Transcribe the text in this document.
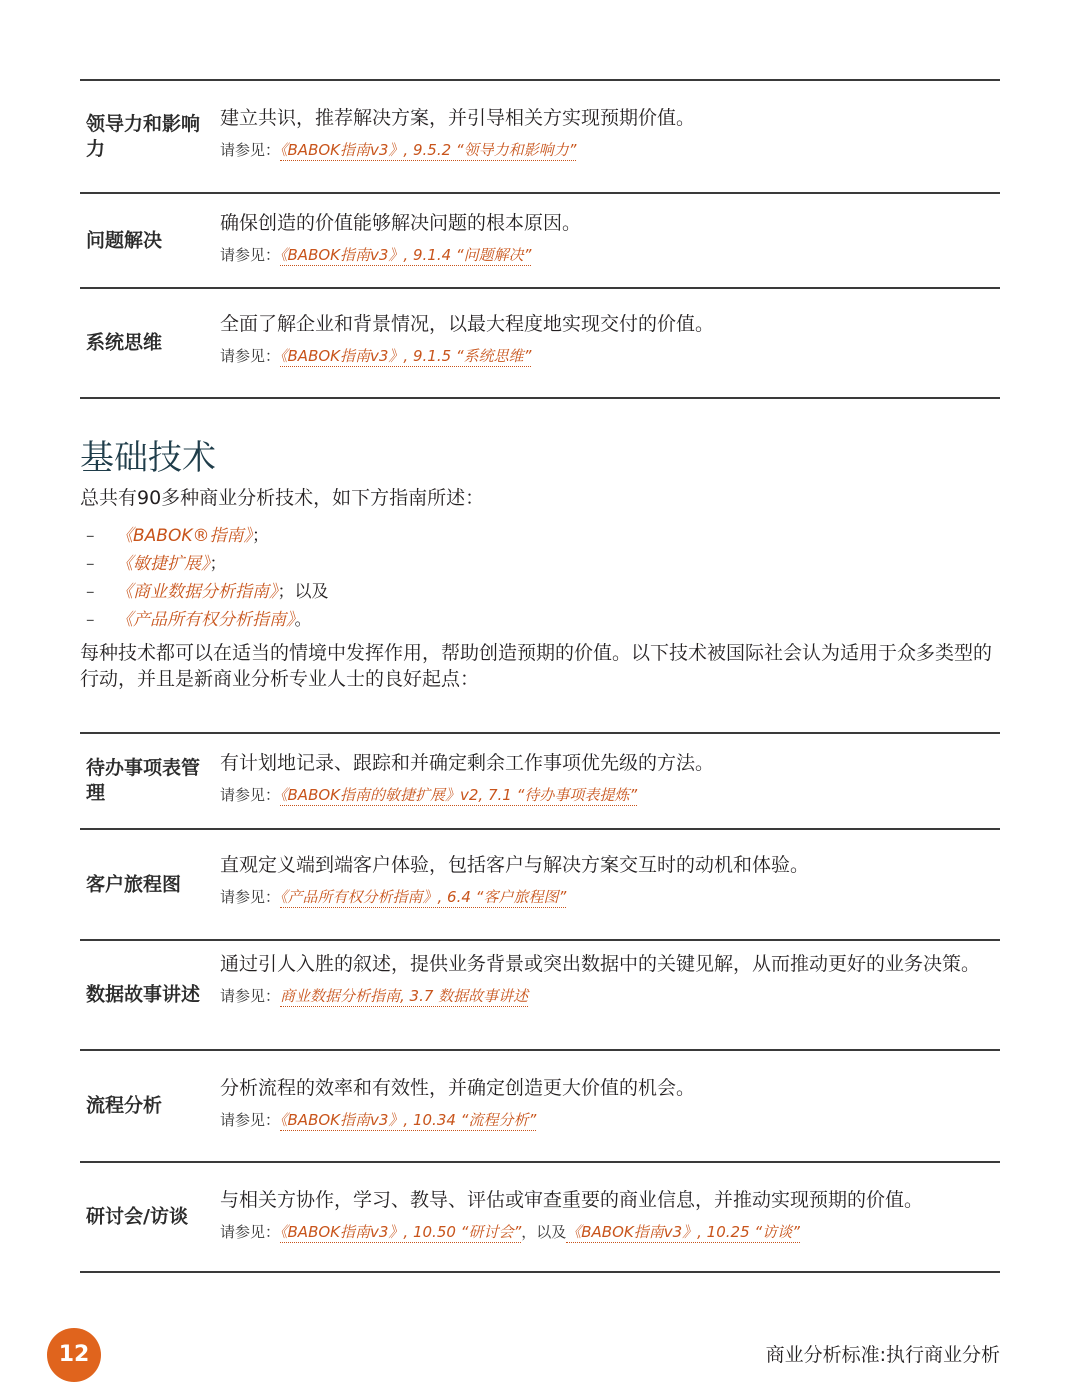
领导力和影响力
建立共识，推荐解决方案，并引导相关方实现预期价值。
请参见：《BABOK指南v3》, 9.5.2 “领导力和影响力”
问题解决
确保创造的价值能够解决问题的根本原因。
请参见：《BABOK指南v3》, 9.1.4 “问题解决”
系统思维
全面了解企业和背景情况，以最大程度地实现交付的价值。
请参见：《BABOK指南v3》, 9.1.5 “系统思维”
基础技术
总共有90多种商业分析技术，如下方指南所述：
– 《BABOK®指南》；
– 《敏捷扩展》；
– 《商业数据分析指南》；以及
– 《产品所有权分析指南》。
每种技术都可以在适当的情境中发挥作用，帮助创造预期的价值。以下技术被国际社会认为适用于众多类型的行动，并且是新商业分析专业人士的良好起点：
待办事项表管理
有计划地记录、跟踪和并确定剩余工作事项优先级的方法。
请参见：《BABOK指南的敏捷扩展》v2, 7.1 “待办事项表提炼”
客户旅程图
直观定义端到端客户体验，包括客户与解决方案交互时的动机和体验。
请参见：《产品所有权分析指南》, 6.4 “客户旅程图”
数据故事讲述
通过引人入胜的叙述，提供业务背景或突出数据中的关键见解，从而推动更好的业务决策。
请参见：商业数据分析指南, 3.7 数据故事讲述
流程分析
分析流程的效率和有效性，并确定创造更大价值的机会。
请参见：《BABOK指南v3》, 10.34 “流程分析”
研讨会/访谈
与相关方协作，学习、教导、评估或审查重要的商业信息，并推动实现预期的价值。
请参见：《BABOK指南v3》, 10.50 “研讨会”，以及《BABOK指南v3》, 10.25 “访谈”
12	商业分析标准:执行商业分析
